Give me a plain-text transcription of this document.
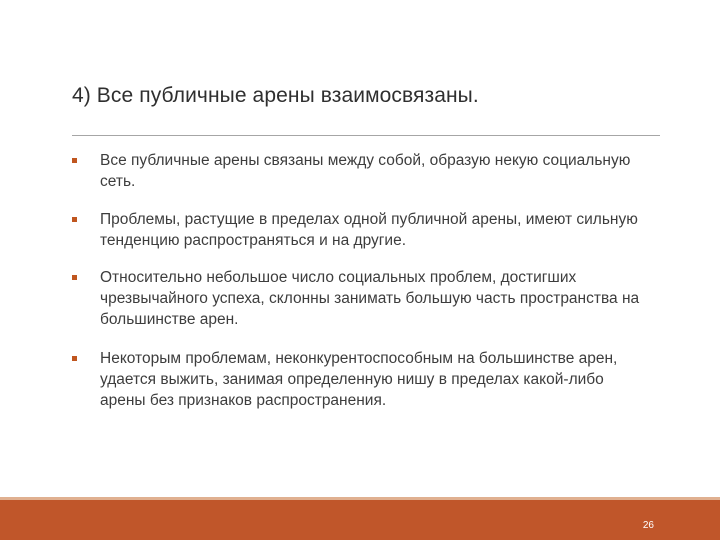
4) Все публичные арены взаимосвязаны.
Все публичные арены связаны между собой, образую некую социальную сеть.
Проблемы, растущие в пределах одной публичной арены, имеют сильную тенденцию распространяться и на другие.
Относительно небольшое число социальных проблем, достигших чрезвычайного успеха, склонны занимать большую часть пространства на большинстве арен.
Некоторым проблемам, неконкурентоспособным на большинстве арен, удается выжить, занимая определенную нишу в пределах какой-либо арены без признаков распространения.
26
